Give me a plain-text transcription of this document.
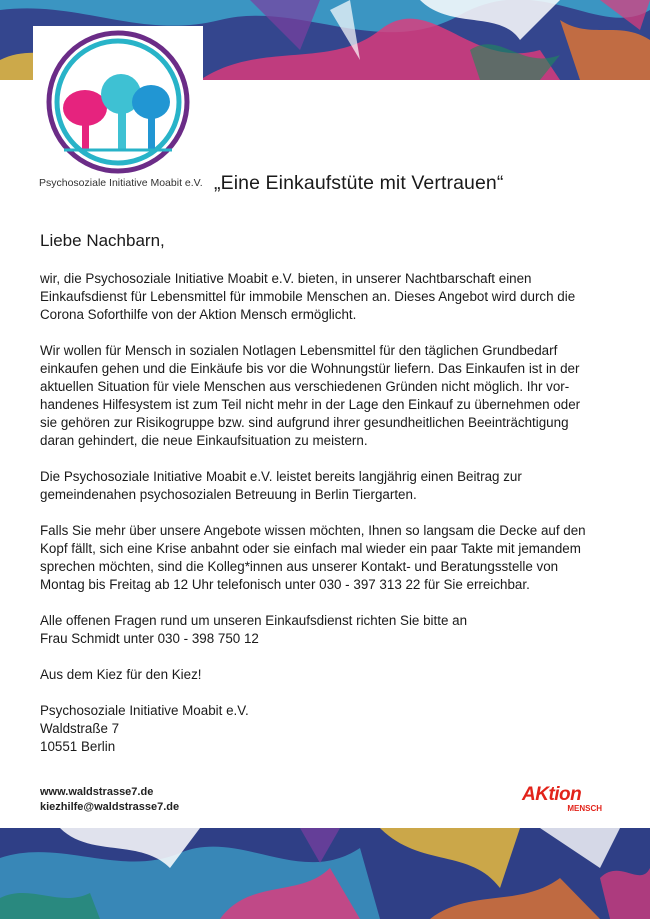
Psychosoziale Initiative Moabit e.V. „Eine Einkaufstüte mit Vertrauen“
Liebe Nachbarn,

wir, die Psychosoziale Initiative Moabit e.V. bieten, in unserer Nachtbarschaft einen
Einkaufsdienst für Lebensmittel für immobile Menschen an. Dieses Angebot wird durch die
Corona Soforthilfe von der Aktion Mensch ermöglicht.

Wir wollen für Mensch in sozialen Notlagen Lebensmittel für den täglichen Grundbedarf
einkaufen gehen und die Einkäufe bis vor die Wohnungstür liefern. Das Einkaufen ist in der
aktuellen Situation für viele Menschen aus verschiedenen Gründen nicht möglich. Ihr vor-
handenes Hilfesystem ist zum Teil nicht mehr in der Lage den Einkauf zu übernehmen oder
sie gehören zur Risikogruppe bzw. sind aufgrund ihrer gesundheitlichen Beeinträchtigung
daran gehindert, die neue Einkaufsituation zu meistern.

Die Psychosoziale Initiative Moabit e.V. leistet bereits langjährig einen Beitrag zur
gemeindenahen psychosozialen Betreuung in Berlin Tiergarten.

Falls Sie mehr über unsere Angebote wissen möchten, Ihnen so langsam die Decke auf den
Kopf fällt, sich eine Krise anbahnt oder sie einfach mal wieder ein paar Takte mit jemandem
sprechen möchten, sind die Kolleg*innen aus unserer Kontakt- und Beratungsstelle von
Montag bis Freitag ab 12 Uhr telefonisch unter 030 - 397 313 22 für Sie erreichbar.

Alle offenen Fragen rund um unseren Einkaufsdienst richten Sie bitte an
Frau Schmidt unter 030 - 398 750 12

Aus dem Kiez für den Kiez!

Psychosoziale Initiative Moabit e.V.
Waldstraße 7
10551 Berlin

www.waldstrasse7.de
kiezhilfe@waldstrasse7.de
AKtion
MENSCH
